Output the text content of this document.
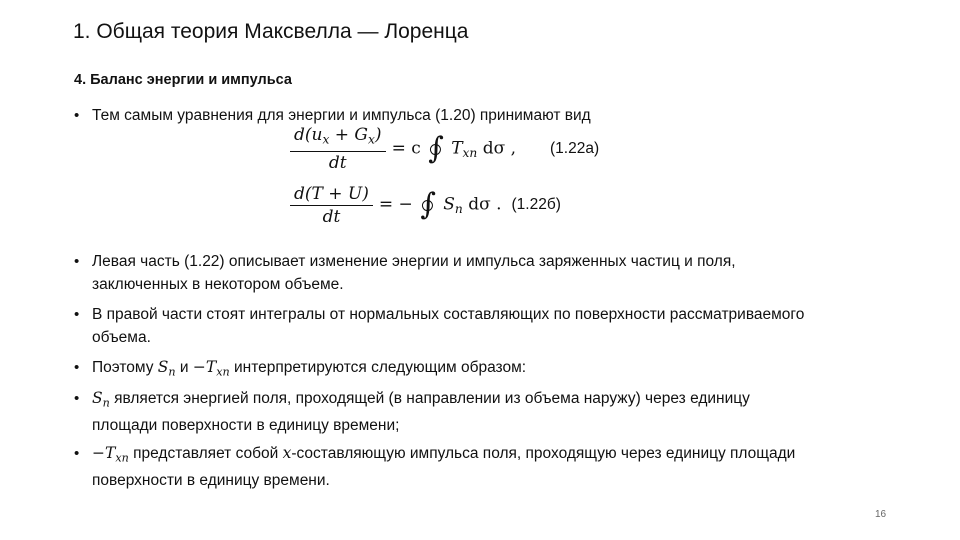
1. Общая теория Максвелла — Лоренца
4. Баланс энергии и импульса
• Тем самым уравнения для энергии и импульса (1.20) принимают вид
$\frac{d(u_x + G_x)}{dt} = c$ ∫ $T_{xn}$ dσ , (1.22a)
$\frac{d(T + U)}{dt}$ = − ∫ $S_n$ dσ . (1.22б)
• Левая часть (1.22) описывает изменение энергии и импульса заряженных частиц и поля, заключенных в некотором объеме.
• В правой части стоят интегралы от нормальных составляющих по поверхности рассматриваемого объема.
• Поэтому $S_n$ $и -T_{xn}$ интерпретируются следующим образом:
• $S_n$ является энергией поля, проходящей (в направлении из объема наружу) через единицу площади поверхности в единицу времени;
• $-T_{xn}$ представляет собой x-составляющую импульса поля, проходящую через единицу площади поверхности в единицу времени.
16
